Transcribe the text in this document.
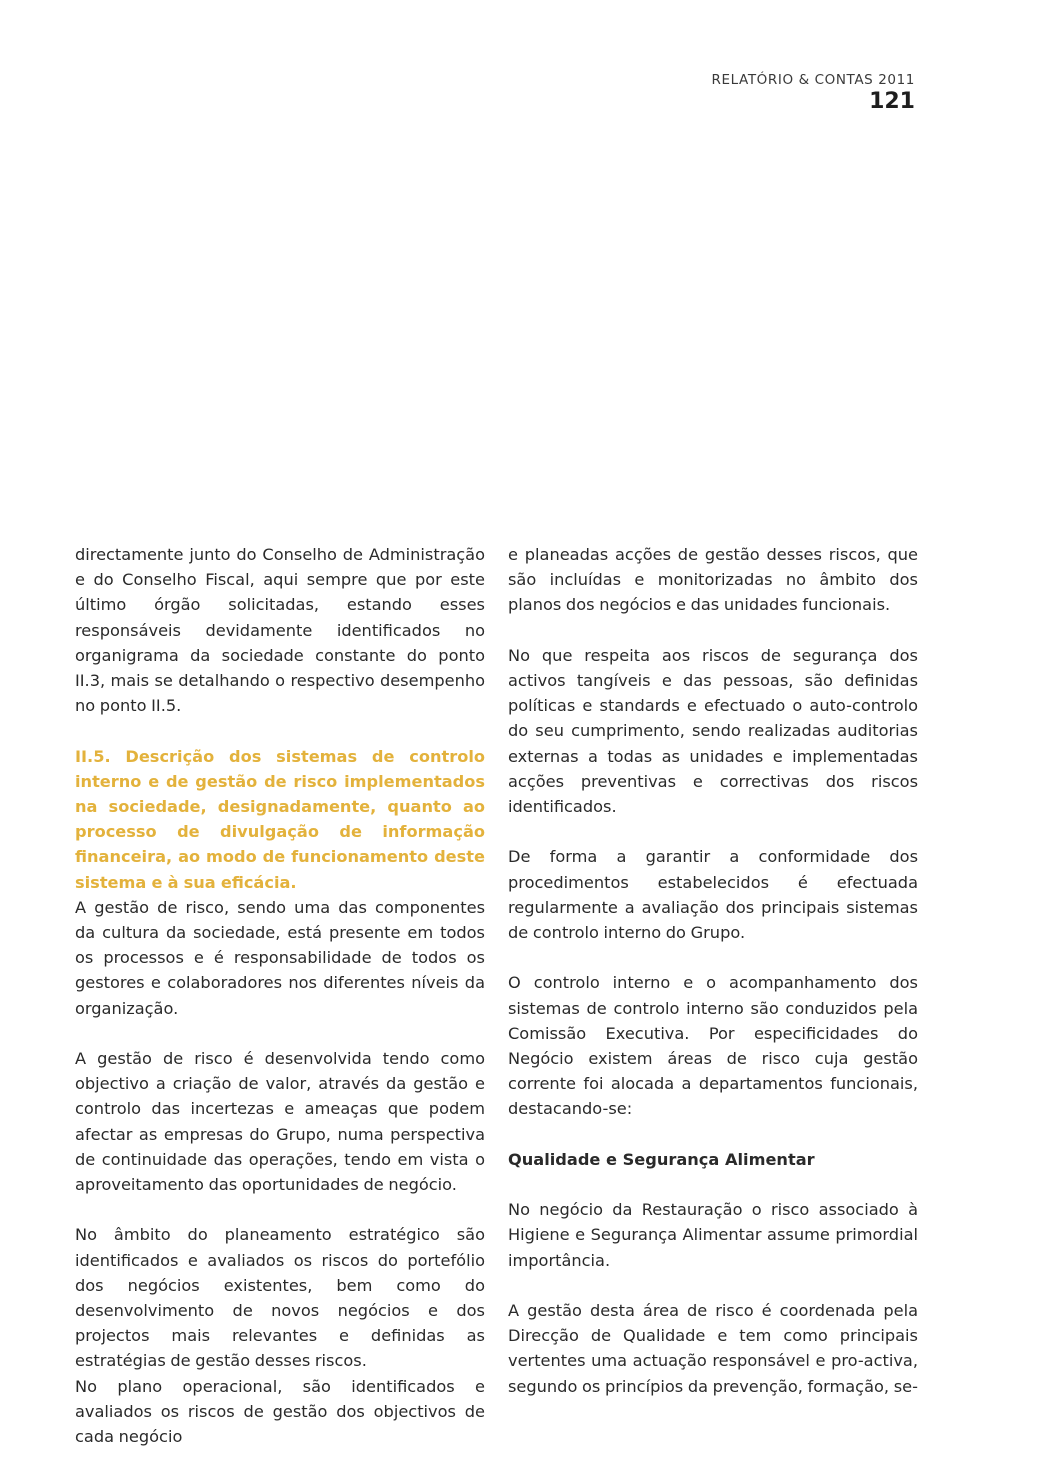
RELATÓRIO & CONTAS 2011
121

directamente junto do Conselho de Administração e do Conselho Fiscal, aqui sempre que por este último órgão solicitadas, estando esses responsáveis devidamente identificados no organigrama da sociedade constante do ponto II.3, mais se detalhando o respectivo desempenho no ponto II.5.

II.5. Descrição dos sistemas de controlo interno e de gestão de risco implementados na sociedade, designadamente, quanto ao processo de divulgação de informação financeira, ao modo de funcionamento deste sistema e à sua eficácia.

A gestão de risco, sendo uma das componentes da cultura da sociedade, está presente em todos os processos e é responsabilidade de todos os gestores e colaboradores nos diferentes níveis da organização.

A gestão de risco é desenvolvida tendo como objectivo a criação de valor, através da gestão e controlo das incertezas e ameaças que podem afectar as empresas do Grupo, numa perspectiva de continuidade das operações, tendo em vista o aproveitamento das oportunidades de negócio.

No âmbito do planeamento estratégico são identificados e avaliados os riscos do portefólio dos negócios existentes, bem como do desenvolvimento de novos negócios e dos projectos mais relevantes e definidas as estratégias de gestão desses riscos.

No plano operacional, são identificados e avaliados os riscos de gestão dos objectivos de cada negócio

e planeadas acções de gestão desses riscos, que são incluídas e monitorizadas no âmbito dos planos dos negócios e das unidades funcionais.

No que respeita aos riscos de segurança dos activos tangíveis e das pessoas, são definidas políticas e standards e efectuado o auto-controlo do seu cumprimento, sendo realizadas auditorias externas a todas as unidades e implementadas acções preventivas e correctivas dos riscos identificados.

De forma a garantir a conformidade dos procedimentos estabelecidos é efectuada regularmente a avaliação dos principais sistemas de controlo interno do Grupo.

O controlo interno e o acompanhamento dos sistemas de controlo interno são conduzidos pela Comissão Executiva. Por especificidades do Negócio existem áreas de risco cuja gestão corrente foi alocada a departamentos funcionais, destacando-se:

Qualidade e Segurança Alimentar

No negócio da Restauração o risco associado à Higiene e Segurança Alimentar assume primordial importância.

A gestão desta área de risco é coordenada pela Direcção de Qualidade e tem como principais vertentes uma actuação responsável e pro-activa, segundo os princípios da prevenção, formação, se-
